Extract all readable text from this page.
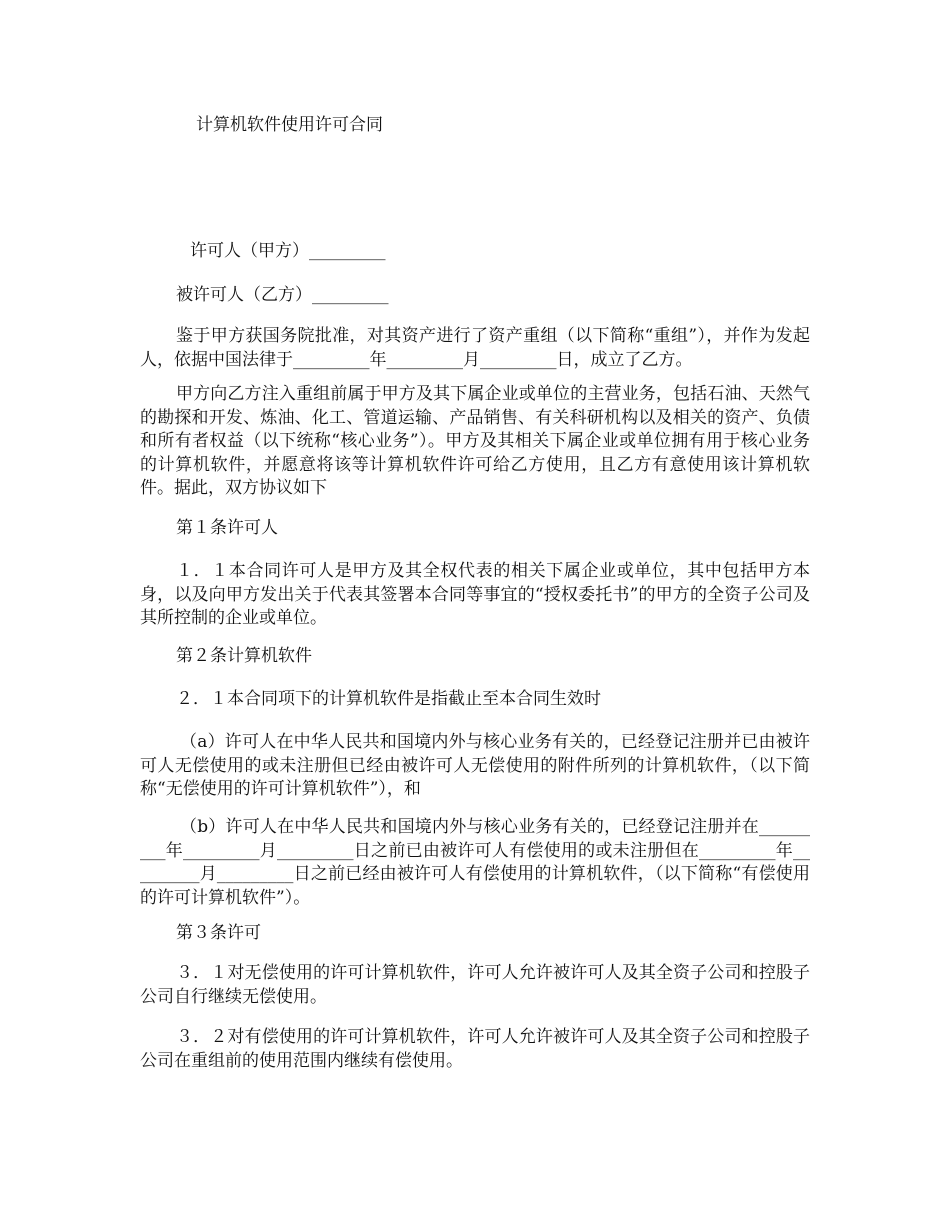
计算机软件使用许可合同
许可人（甲方）_________
被许可人（乙方）_________
鉴于甲方获国务院批准，对其资产进行了资产重组（以下简称“重组”），并作为发起人，依据中国法律于_________年_________月_________日，成立了乙方。
甲方向乙方注入重组前属于甲方及其下属企业或单位的主营业务，包括石油、天然气的勘探和开发、炼油、化工、管道运输、产品销售、有关科研机构以及相关的资产、负债和所有者权益（以下统称“核心业务”）。甲方及其相关下属企业或单位拥有用于核心业务的计算机软件，并愿意将该等计算机软件许可给乙方使用，且乙方有意使用该计算机软件。据此，双方协议如下
第１条许可人
１．１本合同许可人是甲方及其全权代表的相关下属企业或单位，其中包括甲方本身，以及向甲方发出关于代表其签署本合同等事宜的“授权委托书”的甲方的全资子公司及其所控制的企业或单位。
第２条计算机软件
２．１本合同项下的计算机软件是指截止至本合同生效时
（a）许可人在中华人民共和国境内外与核心业务有关的，已经登记注册并已由被许可人无偿使用的或未注册但已经由被许可人无偿使用的附件所列的计算机软件，（以下简称“无偿使用的许可计算机软件”），和
（b）许可人在中华人民共和国境内外与核心业务有关的，已经登记注册并在_________年_________月_________日之前已由被许可人有偿使用的或未注册但在_________年_________月_________日之前已经由被许可人有偿使用的计算机软件，（以下简称“有偿使用的许可计算机软件”）。
第３条许可
３．１对无偿使用的许可计算机软件，许可人允许被许可人及其全资子公司和控股子公司自行继续无偿使用。
３．２对有偿使用的许可计算机软件，许可人允许被许可人及其全资子公司和控股子公司在重组前的使用范围内继续有偿使用。
